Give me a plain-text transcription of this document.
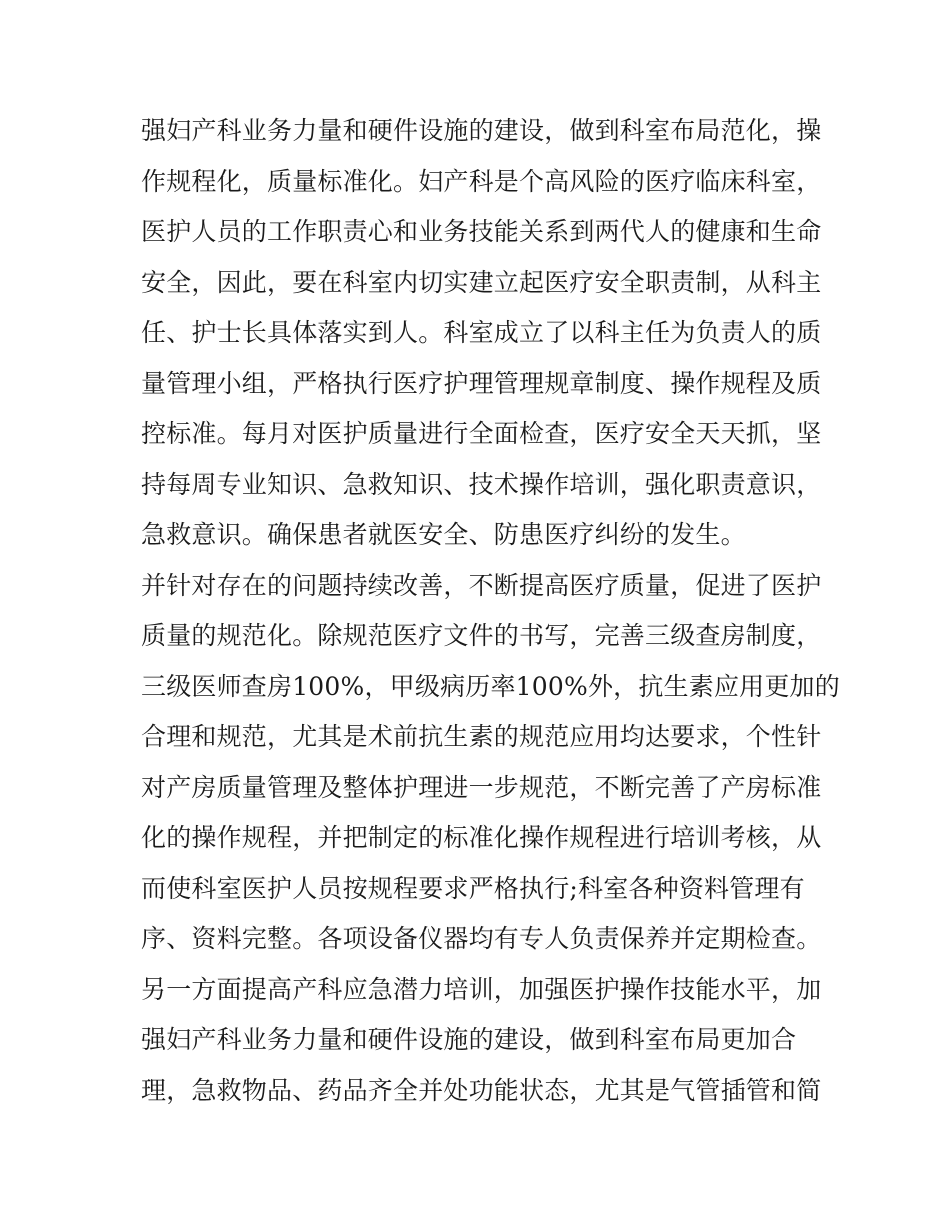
强妇产科业务力量和硬件设施的建设，做到科室布局范化，操
作规程化，质量标准化。妇产科是个高风险的医疗临床科室，
医护人员的工作职责心和业务技能关系到两代人的健康和生命
安全，因此，要在科室内切实建立起医疗安全职责制，从科主
任、护士长具体落实到人。科室成立了以科主任为负责人的质
量管理小组，严格执行医疗护理管理规章制度、操作规程及质
控标准。每月对医护质量进行全面检查，医疗安全天天抓，坚
持每周专业知识、急救知识、技术操作培训，强化职责意识，
急救意识。确保患者就医安全、防患医疗纠纷的发生。
并针对存在的问题持续改善，不断提高医疗质量，促进了医护
质量的规范化。除规范医疗文件的书写，完善三级查房制度，
三级医师查房100%，甲级病历率100%外，抗生素应用更加的
合理和规范，尤其是术前抗生素的规范应用均达要求，个性针
对产房质量管理及整体护理进一步规范，不断完善了产房标准
化的操作规程，并把制定的标准化操作规程进行培训考核，从
而使科室医护人员按规程要求严格执行;科室各种资料管理有
序、资料完整。各项设备仪器均有专人负责保养并定期检查。
另一方面提高产科应急潜力培训，加强医护操作技能水平，加
强妇产科业务力量和硬件设施的建设，做到科室布局更加合
理，急救物品、药品齐全并处功能状态，尤其是气管插管和简
